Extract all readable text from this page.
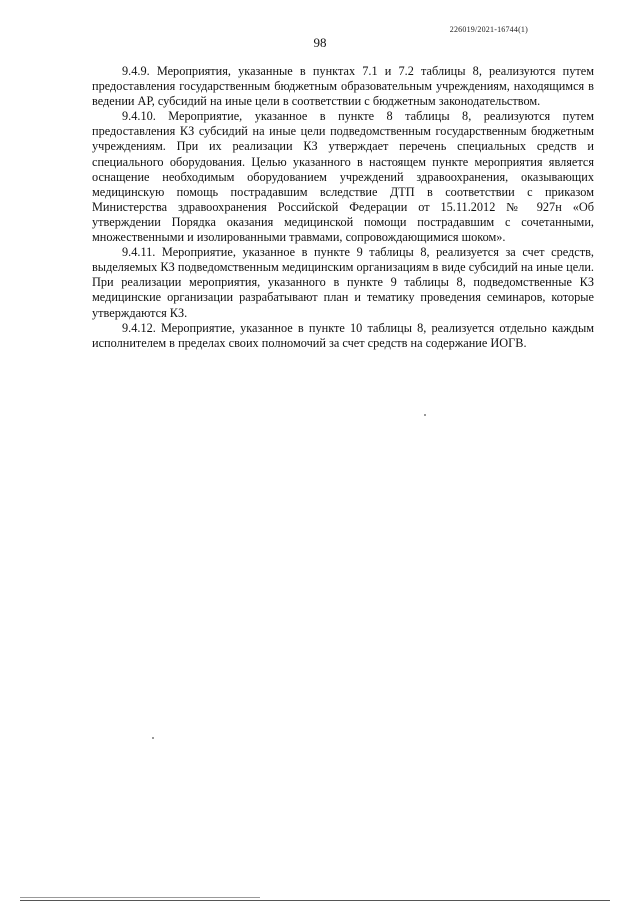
226019/2021-16744(1)
98

9.4.9. Мероприятия, указанные в пунктах 7.1 и 7.2 таблицы 8, реализуются путем предоставления государственным бюджетным образовательным учреждениям, находящимся в ведении АР, субсидий на иные цели в соответствии с бюджетным законодательством.

9.4.10. Мероприятие, указанное в пункте 8 таблицы 8, реализуются путем предоставления КЗ субсидий на иные цели подведомственным государственным бюджетным учреждениям. При их реализации КЗ утверждает перечень специальных средств и специального оборудования. Целью указанного в настоящем пункте мероприятия является оснащение необходимым оборудованием учреждений здравоохранения, оказывающих медицинскую помощь пострадавшим вследствие ДТП в соответствии с приказом Министерства здравоохранения Российской Федерации от 15.11.2012 № 927н «Об утверждении Порядка оказания медицинской помощи пострадавшим с сочетанными, множественными и изолированными травмами, сопровождающимися шоком».

9.4.11. Мероприятие, указанное в пункте 9 таблицы 8, реализуется за счет средств, выделяемых КЗ подведомственным медицинским организациям в виде субсидий на иные цели. При реализации мероприятия, указанного в пункте 9 таблицы 8, подведомственные КЗ медицинские организации разрабатывают план и тематику проведения семинаров, которые утверждаются КЗ.

9.4.12. Мероприятие, указанное в пункте 10 таблицы 8, реализуется отдельно каждым исполнителем в пределах своих полномочий за счет средств на содержание ИОГВ.
